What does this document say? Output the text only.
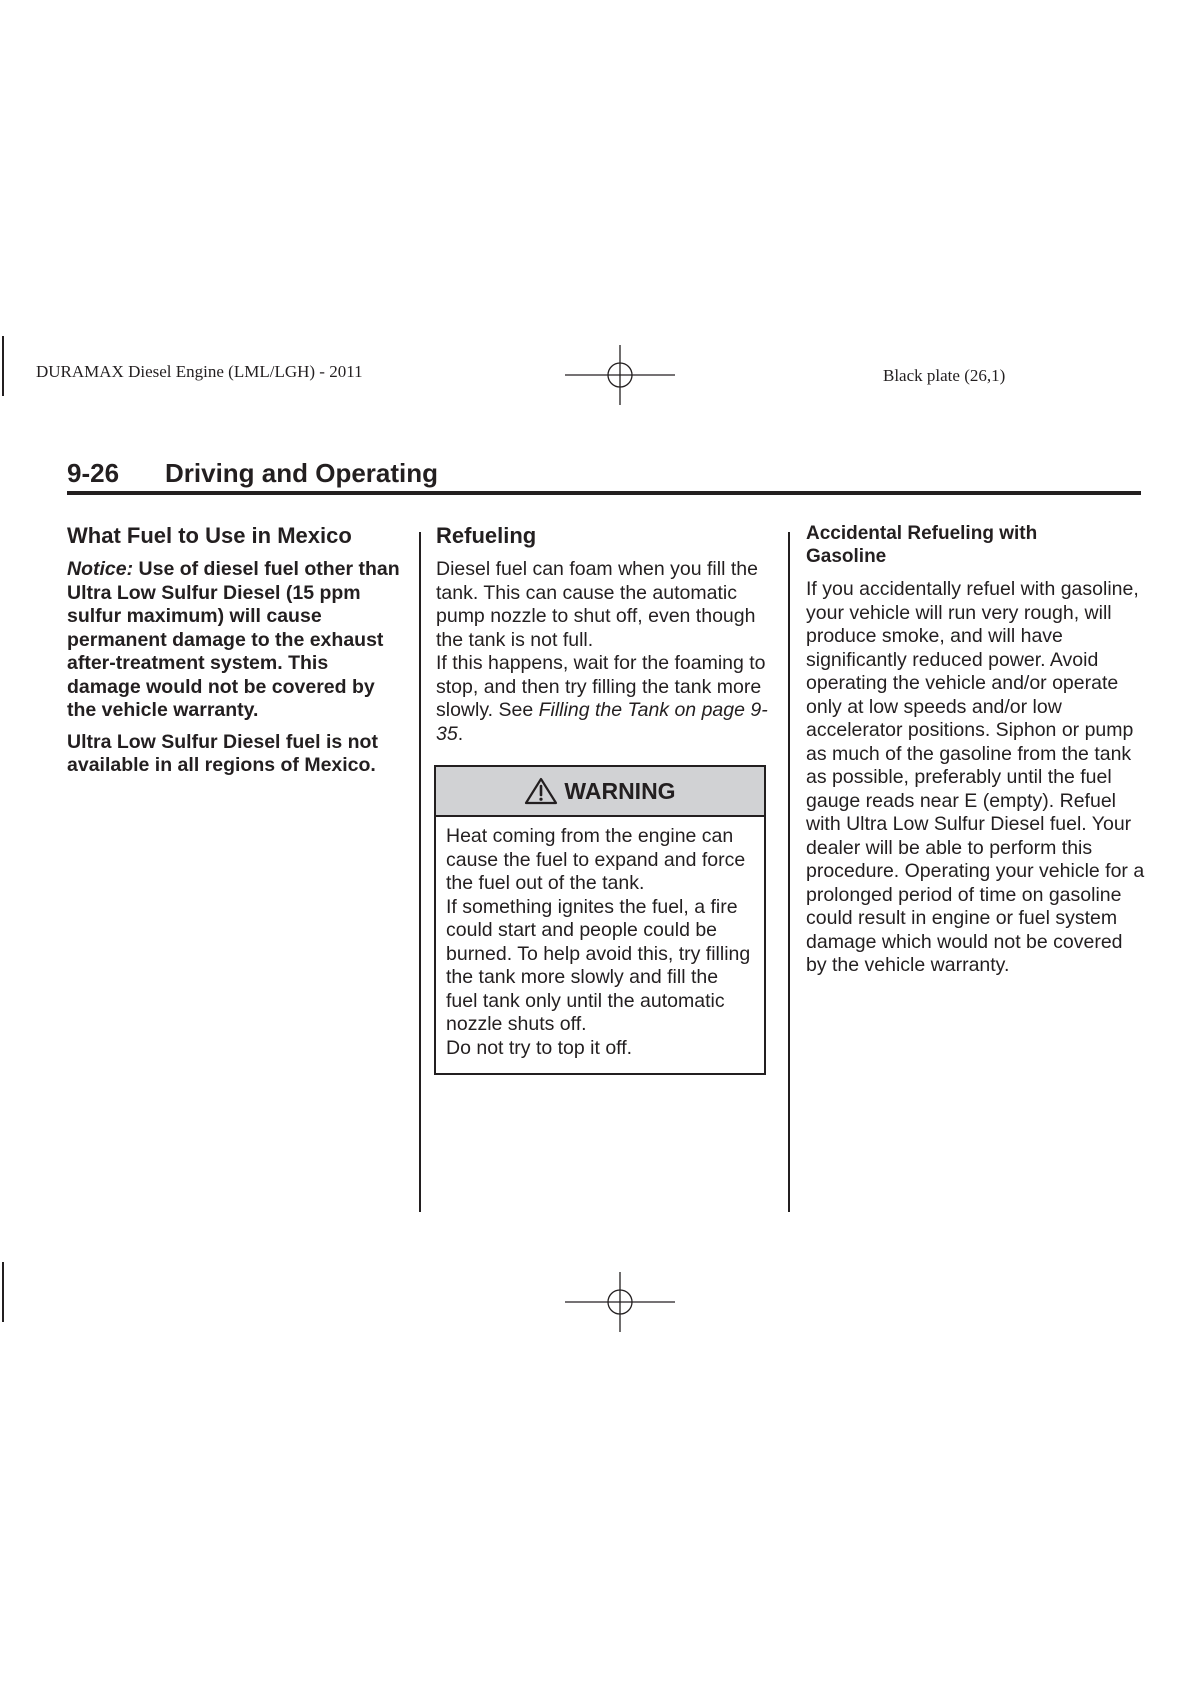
DURAMAX Diesel Engine (LML/LGH) - 2011	Black plate (26,1)
9-26 Driving and Operating
What Fuel to Use in Mexico
Notice: Use of diesel fuel other than Ultra Low Sulfur Diesel (15 ppm sulfur maximum) will cause permanent damage to the exhaust after-treatment system. This damage would not be covered by the vehicle warranty.
Ultra Low Sulfur Diesel fuel is not available in all regions of Mexico.
Refueling
Diesel fuel can foam when you fill the tank. This can cause the automatic pump nozzle to shut off, even though the tank is not full.
If this happens, wait for the foaming to stop, and then try filling the tank more slowly. See Filling the Tank on page 9-35.
WARNING
Heat coming from the engine can cause the fuel to expand and force the fuel out of the tank.
If something ignites the fuel, a fire could start and people could be burned. To help avoid this, try filling the tank more slowly and fill the fuel tank only until the automatic nozzle shuts off.
Do not try to top it off.
Accidental Refueling with Gasoline
If you accidentally refuel with gasoline, your vehicle will run very rough, will produce smoke, and will have significantly reduced power. Avoid operating the vehicle and/or operate only at low speeds and/or low accelerator positions. Siphon or pump as much of the gasoline from the tank as possible, preferably until the fuel gauge reads near E (empty). Refuel with Ultra Low Sulfur Diesel fuel. Your dealer will be able to perform this procedure. Operating your vehicle for a prolonged period of time on gasoline could result in engine or fuel system damage which would not be covered by the vehicle warranty.
